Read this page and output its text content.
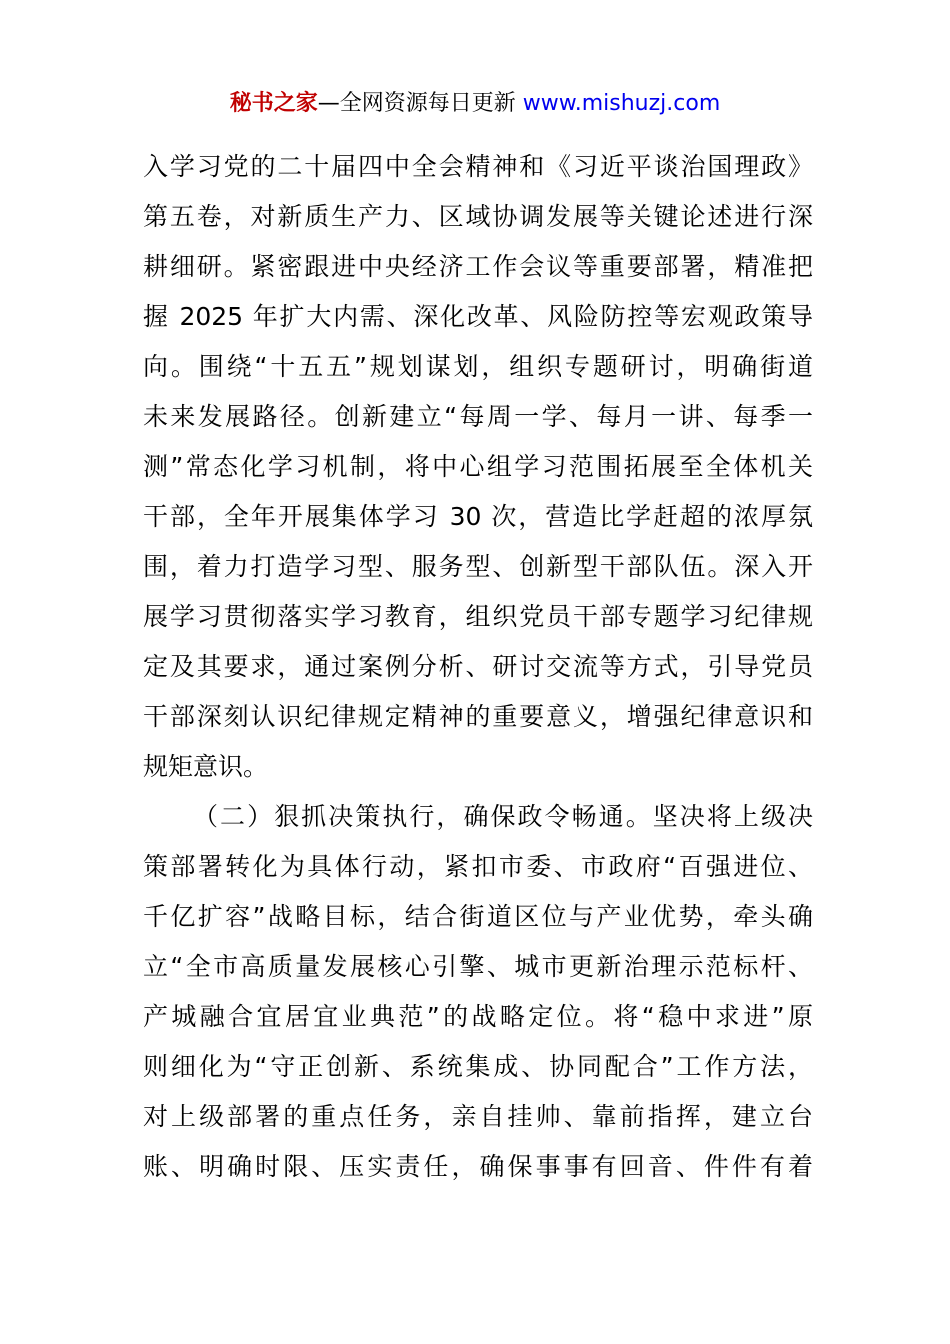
秘书之家—全网资源每日更新 www.mishuzj.com
入学习党的二十届四中全会精神和《习近平谈治国理政》
第五卷，对新质生产力、区域协调发展等关键论述进行深
耕细研。紧密跟进中央经济工作会议等重要部署，精准把
握 2025 年扩大内需、深化改革、风险防控等宏观政策导
向。围绕“十五五”规划谋划，组织专题研讨，明确街道
未来发展路径。创新建立“每周一学、每月一讲、每季一
测”常态化学习机制，将中心组学习范围拓展至全体机关
干部，全年开展集体学习 30 次，营造比学赶超的浓厚氛
围，着力打造学习型、服务型、创新型干部队伍。深入开
展学习贯彻落实学习教育，组织党员干部专题学习纪律规
定及其要求，通过案例分析、研讨交流等方式，引导党员
干部深刻认识纪律规定精神的重要意义，增强纪律意识和
规矩意识。
（二）狠抓决策执行，确保政令畅通。坚决将上级决
策部署转化为具体行动，紧扣市委、市政府“百强进位、
千亿扩容”战略目标，结合街道区位与产业优势，牵头确
立“全市高质量发展核心引擎、城市更新治理示范标杆、
产城融合宜居宜业典范”的战略定位。将“稳中求进”原
则细化为“守正创新、系统集成、协同配合”工作方法，
对上级部署的重点任务，亲自挂帅、靠前指挥，建立台
账、明确时限、压实责任，确保事事有回音、件件有着
